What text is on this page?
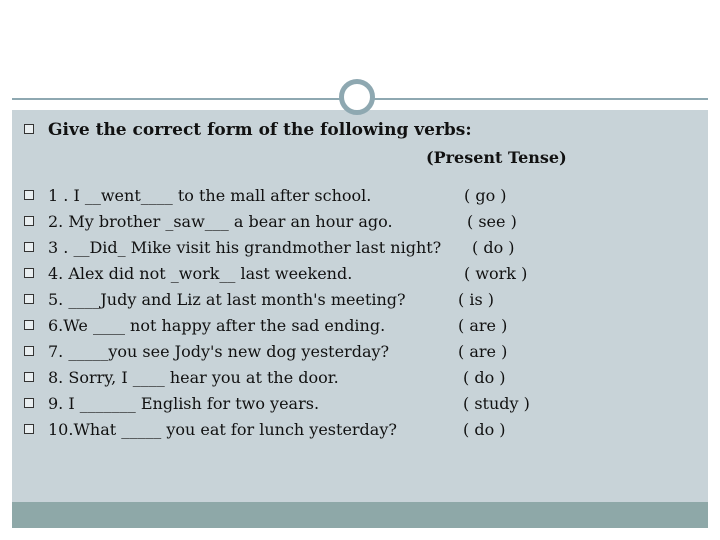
Give the correct form of the following verbs:
(Present Tense)
1 . I __went____ to the mall after school.	( go )
2. My brother _saw___ a bear an hour ago.	( see )
3 . __Did_ Mike visit his grandmother last night? ( do )
4. Alex did not _work__ last weekend.	( work )
5. ____Judy and Liz at last month's meeting?	( is )
6.We ____ not happy after the sad ending.	( are )
7. _____you see Jody's new dog yesterday?	( are )
8. Sorry, I ____ hear you at the door.	( do )
9. I _______ English for two years.	( study )
10.What _____ you eat for lunch yesterday?	( do )
